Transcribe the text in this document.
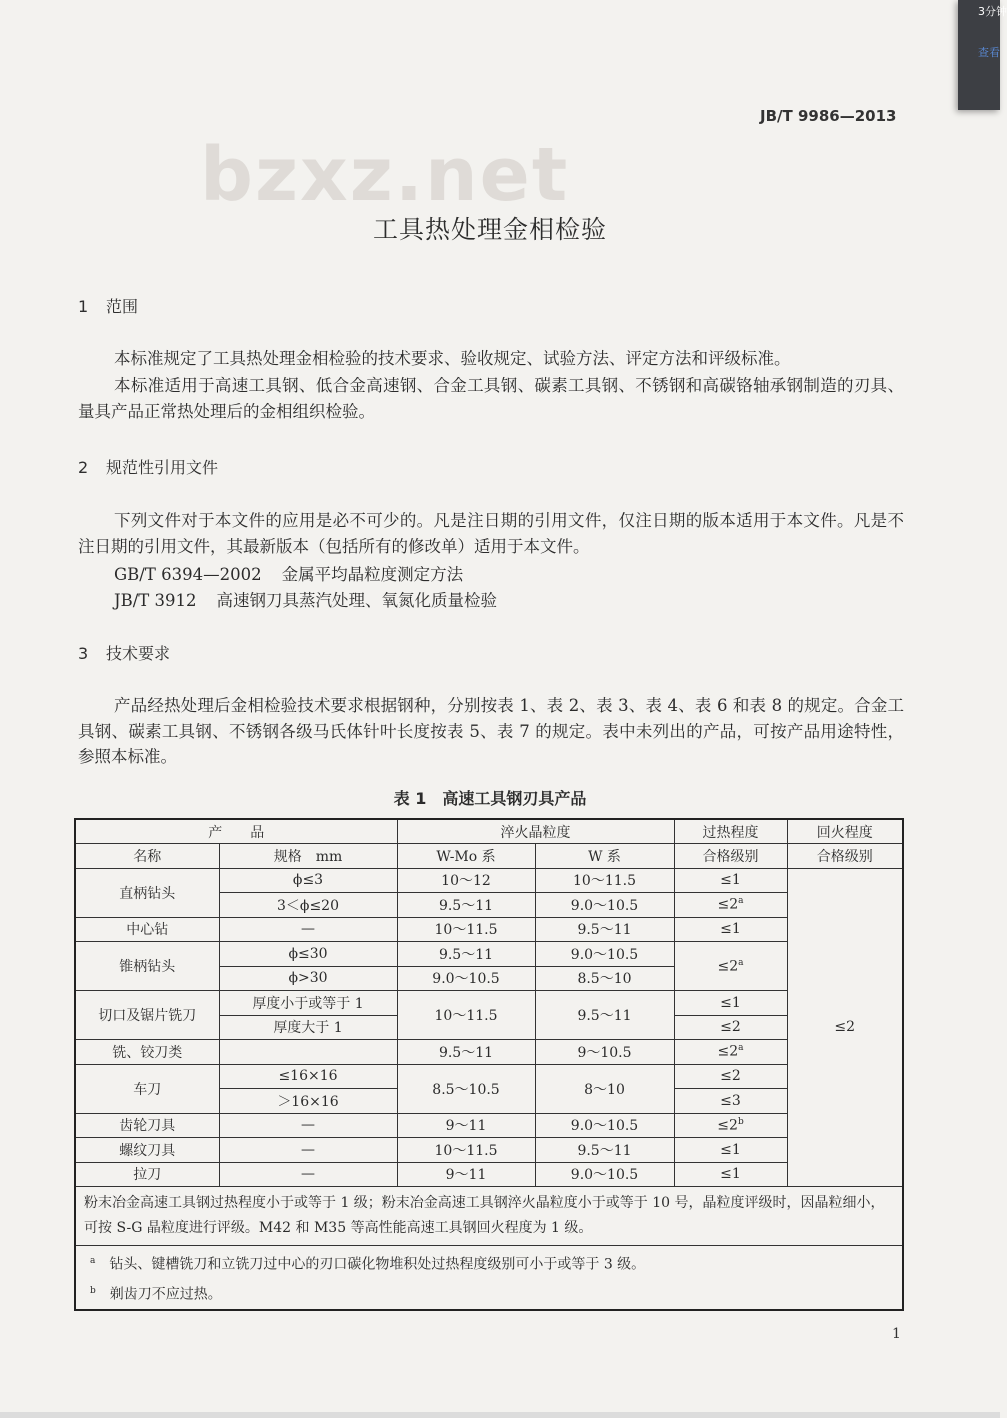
3分钟
查看
JB/T 9986—2013
bzxz.net
工具热处理金相检验
1 范围

本标准规定了工具热处理金相检验的技术要求、验收规定、试验方法、评定方法和评级标准。

本标准适用于高速工具钢、低合金高速钢、合金工具钢、碳素工具钢、不锈钢和高碳铬轴承钢制造的刃具、量具产品正常热处理后的金相组织检验。

2 规范性引用文件

下列文件对于本文件的应用是必不可少的。凡是注日期的引用文件，仅注日期的版本适用于本文件。凡是不注日期的引用文件，其最新版本（包括所有的修改单）适用于本文件。

GB/T 6394—2002 金属平均晶粒度测定方法
JB/T 3912 高速钢刀具蒸汽处理、氧氮化质量检验
3 技术要求

产品经热处理后金相检验技术要求根据钢种，分别按表 1、表 2、表 3、表 4、表 6 和表 8 的规定。合金工具钢、碳素工具钢、不锈钢各级马氏体针叶长度按表 5、表 7 的规定。表中未列出的产品，可按产品用途特性，参照本标准。

表 1　高速工具钢刃具产品
产　　品		淬火晶粒度		过热程度	回火程度
名称	规格　mm	W-Mo 系	W 系	合格级别	合格级别
直柄钻头	ϕ≤3	10～12	10～11.5	≤1	≤2
	3＜ϕ≤20	9.5～11	9.0～10.5	$\le 2^a$
中心钻	—	10～11.5	9.5～11	≤1	
锥柄钻头	ϕ≤30	9.5～11	9.0～10.5	$\le 2^a$
	ϕ>30	9.0～10.5	8.5～10		
切口及锯片铣刀	厚度小于或等于 1	10～11.5	9.5～11	≤1	
	厚度大于 1			≤2	
铣、铰刀类		9.5～11	9～10.5	$\le 2^a$
车刀	≤16×16	8.5～10.5	8～10	≤2	
	＞16×16			≤3	
齿轮刀具	—	9～11	9.0～10.5	$\le 2^b$
螺纹刀具	—	10～11.5	9.5～11	≤1	
拉刀	—	9～11	9.0～10.5	≤1	
粉末冶金高速工具钢过热程度小于或等于 1 级；粉末冶金高速工具钢淬火晶粒度小于或等于 10 号，晶粒度评级时，因晶粒细小，可按 S-G 晶粒度进行评级。M42 和 M35 等高性能高速工具钢回火程度为 1 级。					

$^a$　 钻头、键槽铣刀和立铣刀过中心的刃口碳化物堆积处过热程度级别可小于或等于 3 级。
$^b$　 剃齿刀不应过热。					
1
